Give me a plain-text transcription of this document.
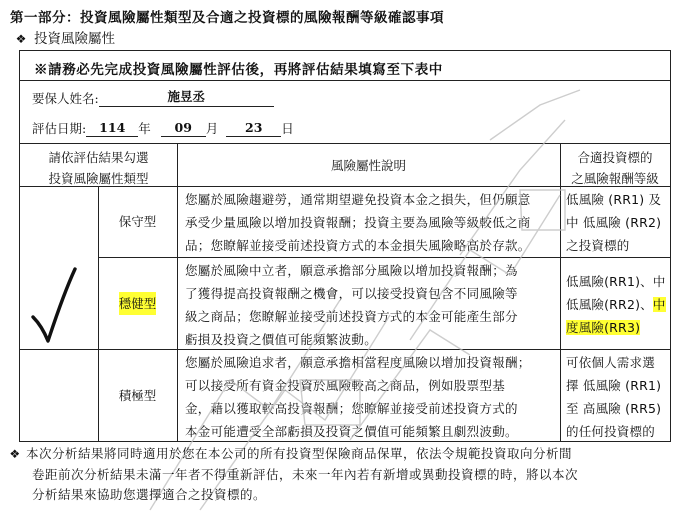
第一部分：投資風險屬性類型及合適之投資標的風險報酬等級確認事項
❖ 投資風險屬性
※請務必先完成投資風險屬性評估後，再將評估結果填寫至下表中
要保人姓名:	施昱丞
評估日期: 114 年 09 月 23 日
請依評估結果勾選
投資風險屬性類型
風險屬性說明
合適投資標的
之風險報酬等級
保守型
您屬於風險趨避勞，通常期望避免投資本金之損失，但仍願意
承受少量風險以增加投資報酬；投資主要為風險等級較低之商
品；您瞭解並接受前述投資方式的本金損失風險略高於存款。
低風險 (RR1) 及
中 低風險 (RR2)
之投資標的
穩健型
您屬於風險中立者，願意承擔部分風險以增加投資報酬；為
了獲得提高投資報酬之機會，可以接受投資包含不同風險等
級之商品；您瞭解並接受前述投資方式的本金可能產生部分
虧損及投資之價值可能頻繁波動。
低風險(RR1)、中
低風險(RR2)、中
度風險(RR3)
積極型
您屬於風險追求者，願意承擔相當程度風險以增加投資報酬；
可以接受所有資金投資於風險較高之商品，例如股票型基
金，藉以獲取較高投資報酬；您瞭解並接受前述投資方式的
本金可能遭受全部虧損及投資之價值可能頻繁且劇烈波動。
可依個人需求選
擇 低風險 (RR1)
至 高風險 (RR5)
的任何投資標的
❖ 本次分析結果將同時適用於您在本公司的所有投資型保險商品保單，依法令規範投資取向分析間
卷距前次分析結果未滿一年者不得重新評估，未來一年內若有新增或異動投資標的時，將以本次
分析結果來協助您選擇適合之投資標的。
